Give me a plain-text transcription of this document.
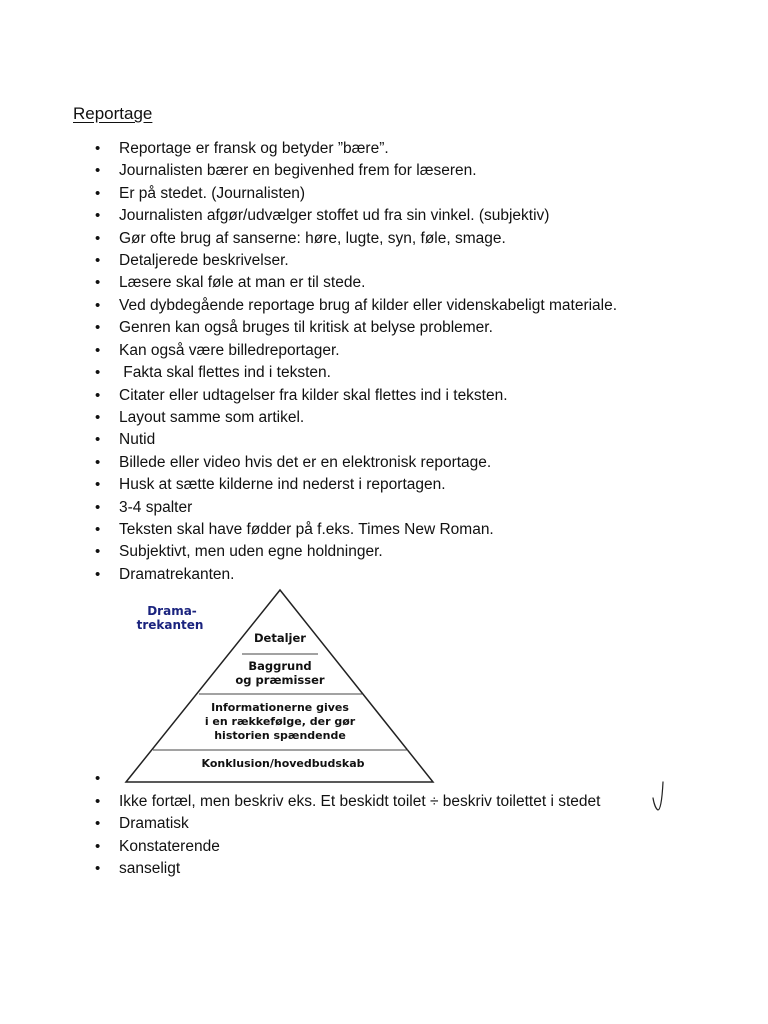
Reportage
• Reportage er fransk og betyder ”bære”.
• Journalisten bærer en begivenhed frem for læseren.
• Er på stedet. (Journalisten)
• Journalisten afgør/udvælger stoffet ud fra sin vinkel. (subjektiv)
• Gør ofte brug af sanserne: høre, lugte, syn, føle, smage.
• Detaljerede beskrivelser.
• Læsere skal føle at man er til stede.
• Ved dybdegående reportage brug af kilder eller videnskabeligt materiale.
• Genren kan også bruges til kritisk at belyse problemer.
• Kan også være billedreportager.
• Fakta skal flettes ind i teksten.
• Citater eller udtagelser fra kilder skal flettes ind i teksten.
• Layout samme som artikel.
• Nutid
• Billede eller video hvis det er en elektronisk reportage.
• Husk at sætte kilderne ind nederst i reportagen.
• 3-4 spalter
• Teksten skal have fødder på f.eks. Times New Roman.
• Subjektivt, men uden egne holdninger.
• Dramatrekanten.
•
• Ikke fortæl, men beskriv eks. Et beskidt toilet ÷ beskriv toilettet i stedet
• Dramatisk
• Konstaterende
• sanseligt
Drama-
trekanten
Detaljer
Baggrund
og præmisser
Informationerne gives
i en rækkefølge, der gør
historien spændende
Konklusion/hovedbudskab
